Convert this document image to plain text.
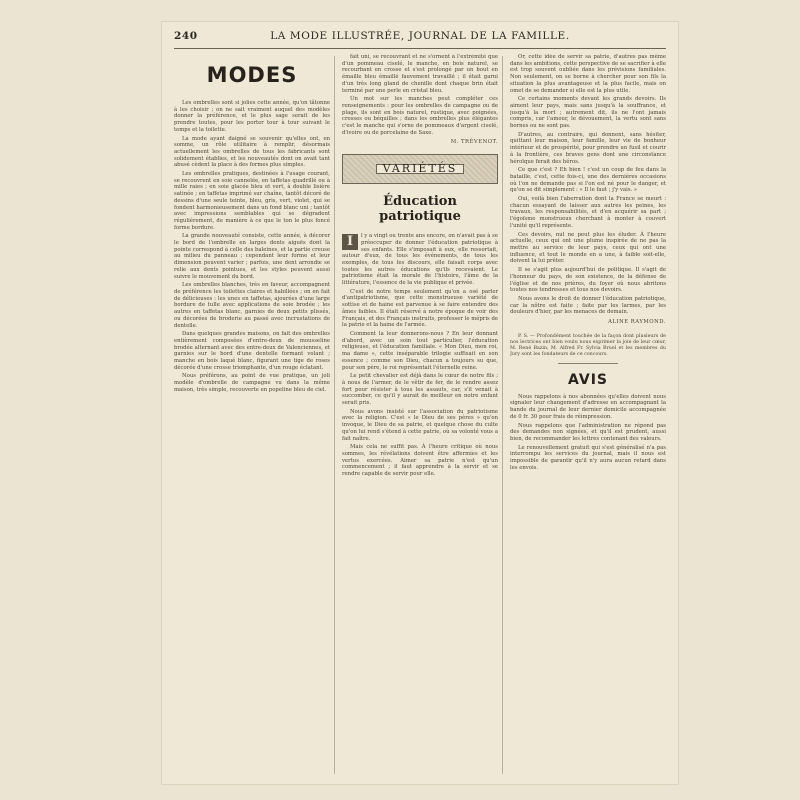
240	LA MODE ILLUSTRÉE, JOURNAL DE LA FAMILLE.
MODES

Les ombrelles sont si jolies cette année, qu'on tâtonne à les choisir ; on ne sait vraiment auquel des modèles donner la préférence, et le plus sage serait de les prendre toutes, pour les porter tour à tour suivant le temps et la toilette.

La mode ayant daigné se souvenir qu'elles ont, en somme, un rôle utilitaire à remplir, désormais actuellement les ombrelles de tous les fabricants sont solidement établies, et les nouveautés dont on avait tant abusé cèdent la place à des formes plus simples.

Les ombrelles pratiques, destinées à l'usage courant, se recouvrent en soie cannelée, en taffetas quadrillé ou à mille raies ; en soie glacée bleu et vert, à double lisière satinée ; en taffetas imprimé sur chaîne, tantôt décoré de dessins d'une seule teinte, bleu, gris, vert, violet, qui se fondent harmonieusement dans un fond blanc uni ; tantôt avec impressions semblables qui se dégradent régulièrement, de manière à ce que le ton le plus foncé forme bordure.

La grande nouveauté consiste, cette année, à décorer le bord de l'ombrelle en larges dents aiguës dont la pointe correspond à celle des baleines, et la partie creuse au milieu du panneau ; cependant leur forme et leur dimension peuvent varier ; parfois, une dent arrondie se relie aux dents pointues, et les styles peuvent aussi suivre le mouvement du bord.

Les ombrelles blanches, très en faveur, accompagnent de préférence les toilettes claires et habillées ; on en fait de délicieuses : les unes en taffetas, ajourées d'une large bordure de tulle avec applications de soie brodée ; les autres en taffetas blanc, garnies de deux petits plissés, ou décorées de broderie au passé avec incrustations de dentelle.

Dans quelques grandes maisons, on fait des ombrelles entièrement composées d'entre-deux de mousseline brodée alternant avec des entre-deux de Valenciennes, et garnies sur le bord d'une dentelle formant volant ; manche en bois laqué blanc, figurant une tige de roses décorée d'une crosse triomphante, d'un rouge éclatant.

Nous préférons, au point de vue pratique, un joli modèle d'ombrelle de campagne vu dans la même maison, très simple, recouverte en popeline bleu de ciel.

fait uni, se recouvrant et ne s'ornent à l'extrémité que d'un pommeau ciselé, le manche, en bois naturel, se recourbant en crosse et s'est prolongé par un bout en émaille bleu émaillé fauvement travaillé ; il était garni d'un très long gland de chenille dont chaque brin était terminé par une perle en cristal bleu.

Un mot sur les manches peut compléter ces renseignements : pour les ombrelles de campagne ou de plage, ils sont en bois naturel, rustique, avec poignées, crosses ou béquilles ; dans les ombrelles plus élégantes c'est le manche qui s'orne de pommeaux d'argent ciselé, d'ivoire ou de porcelaine de Saxe.

M. TRÉVENOT.
VARIÉTÉS
Éducation patriotique

I	l y a vingt ou trente ans encore, on n'avait pas à se préoccuper de donner l'éducation patriotique à ses enfants. Elle s'imposait à eux, elle ressortait, autour d'eux, de tous les événements, de tous les exemples, de tous les discours, elle faisait corps avec toutes les autres éducations qu'ils recevaient. Le patriotisme était la morale de l'histoire, l'âme de la littérature, l'essence de la vie publique et privée.

C'est de notre temps seulement qu'on a osé parler d'antipatriotisme, que cette monstrueuse variété de sottise et de haine est parvenue à se faire entendre des âmes faibles. Il était réservé à notre époque de voir des Français, et des Français instruits, professer le mépris de la patrie et la haine de l'armée.

Comment la leur donnerons-nous ? En leur donnant d'abord, avec un soin tout particulier, l'éducation religieuse, et l'éducation familiale. « Mon Dieu, mon roi, ma dame », cette inséparable trilogie suffisait en son essence ; comme son Dieu, chacun a toujours su que, pour son père, le roi représentait l'éternelle reine.

Le petit chevalier est déjà dans le cœur de notre fils ; à nous de l'armer, de le vêtir de fer, de le rendre assez fort pour résister à tous les assauts, car, s'il venait à succomber, ce qu'il y aurait de meilleur en notre enfant serait pris.

Nous avons insisté sur l'association du patriotisme avec la religion. C'est « le Dieu de ses pères » qu'on invoque, le Dieu de sa patrie, et quelque chose du culte qu'on lui rend s'étend à cette patrie, où sa volonté vous a fait naître.

Mais cela ne suffit pas. À l'heure critique où nous sommes, les révélations doivent être affermies et les vertus exercées. Aimer sa patrie n'est qu'un commencement ; il faut apprendre à la servir et se rendre capable de servir pour elle.

Or, cette idée de servir sa patrie, d'autres pas même dans les ambitions, cette perspective de se sacrifier à elle est trop souvent oubliée dans les prévisions familiales. Non seulement, on se borne à chercher pour son fils la situation la plus avantageuse et la plus facile, mais on omet de se demander si elle est la plus utile.

Ce certains moments devant les grands devoirs. Ils aiment leur pays, mais sans jusqu'à la souffrance, et jusqu'à la mort ; autrement dit, ils ne l'ont jamais compris, car l'amour, le dévouement, la vertu sont sans bornes ou ne sont pas.

D'autres, au contraire, qui donnent, sans hésiter, quittant leur maison, leur famille, leur vie de bonheur intérieur et de prospérité, pour prendre un fusil et courir à la frontière, ces braves gens dont une circonstance héroïque ferait des héros.

Ce que c'est ? Eh bien ! c'est un coup de feu dans la bataille, c'est, cette fois-ci, une des dernières occasions où l'on ne demande pas si l'on est né pour le danger, et qu'on se dit simplement : « Il le faut ; j'y vais. »

Oui, voilà bien l'aberration dont la France se meurt : chacun essayant de laisser aux autres les peines, les travaux, les responsabilités, et d'en acquérir sa part ; l'égoïsme monstrueux cherchant à monter à couvert l'unité qu'il représente.

Ces devoirs, nul ne peut plus les éluder. À l'heure actuelle, ceux qui ont une plume inspirée de ne pas la mettre au service de leur pays, ceux qui ont une influence, et tout le monde en a une, à faible soit-elle, doivent la lui prêter.

Il se s'agit plus aujourd'hui de politique. Il s'agit de l'honneur du pays, de son existence, de la défense de l'église et de nos prières, du foyer où nous abritons toutes nos tendresses et tous nos devoirs.

Nous avons le droit de donner l'éducation patriotique, car la nôtre est faite ; faite par les larmes, par les douleurs d'hier, par les menaces de demain.

ALINE RAYMOND.

P. S. — Profondément touchée de la façon dont plusieurs de nos lectrices ont bien voulu nous exprimer la joie de leur cœur, M. René Bazin, M. Alfred Fr. Sylvia Bruel et les membres du Jury sont les fondateurs de ce concours.

AVIS

Nous rappelons à nos abonnées qu'elles doivent nous signaler leur changement d'adresse en accompagnant la bande du journal de leur dernier domicile accompagnée de 0 fr. 30 pour frais de réimpression.

Nous rappelons que l'administration ne répond pas des demandes non signées, et qu'il est prudent, aussi bien, de recommander les lettres contenant des valeurs.

Le renouvellement gratuit qui s'est généralisé n'a pas interrompu les services du journal, mais il nous est impossible de garantir qu'il n'y aura aucun retard dans les envois.
